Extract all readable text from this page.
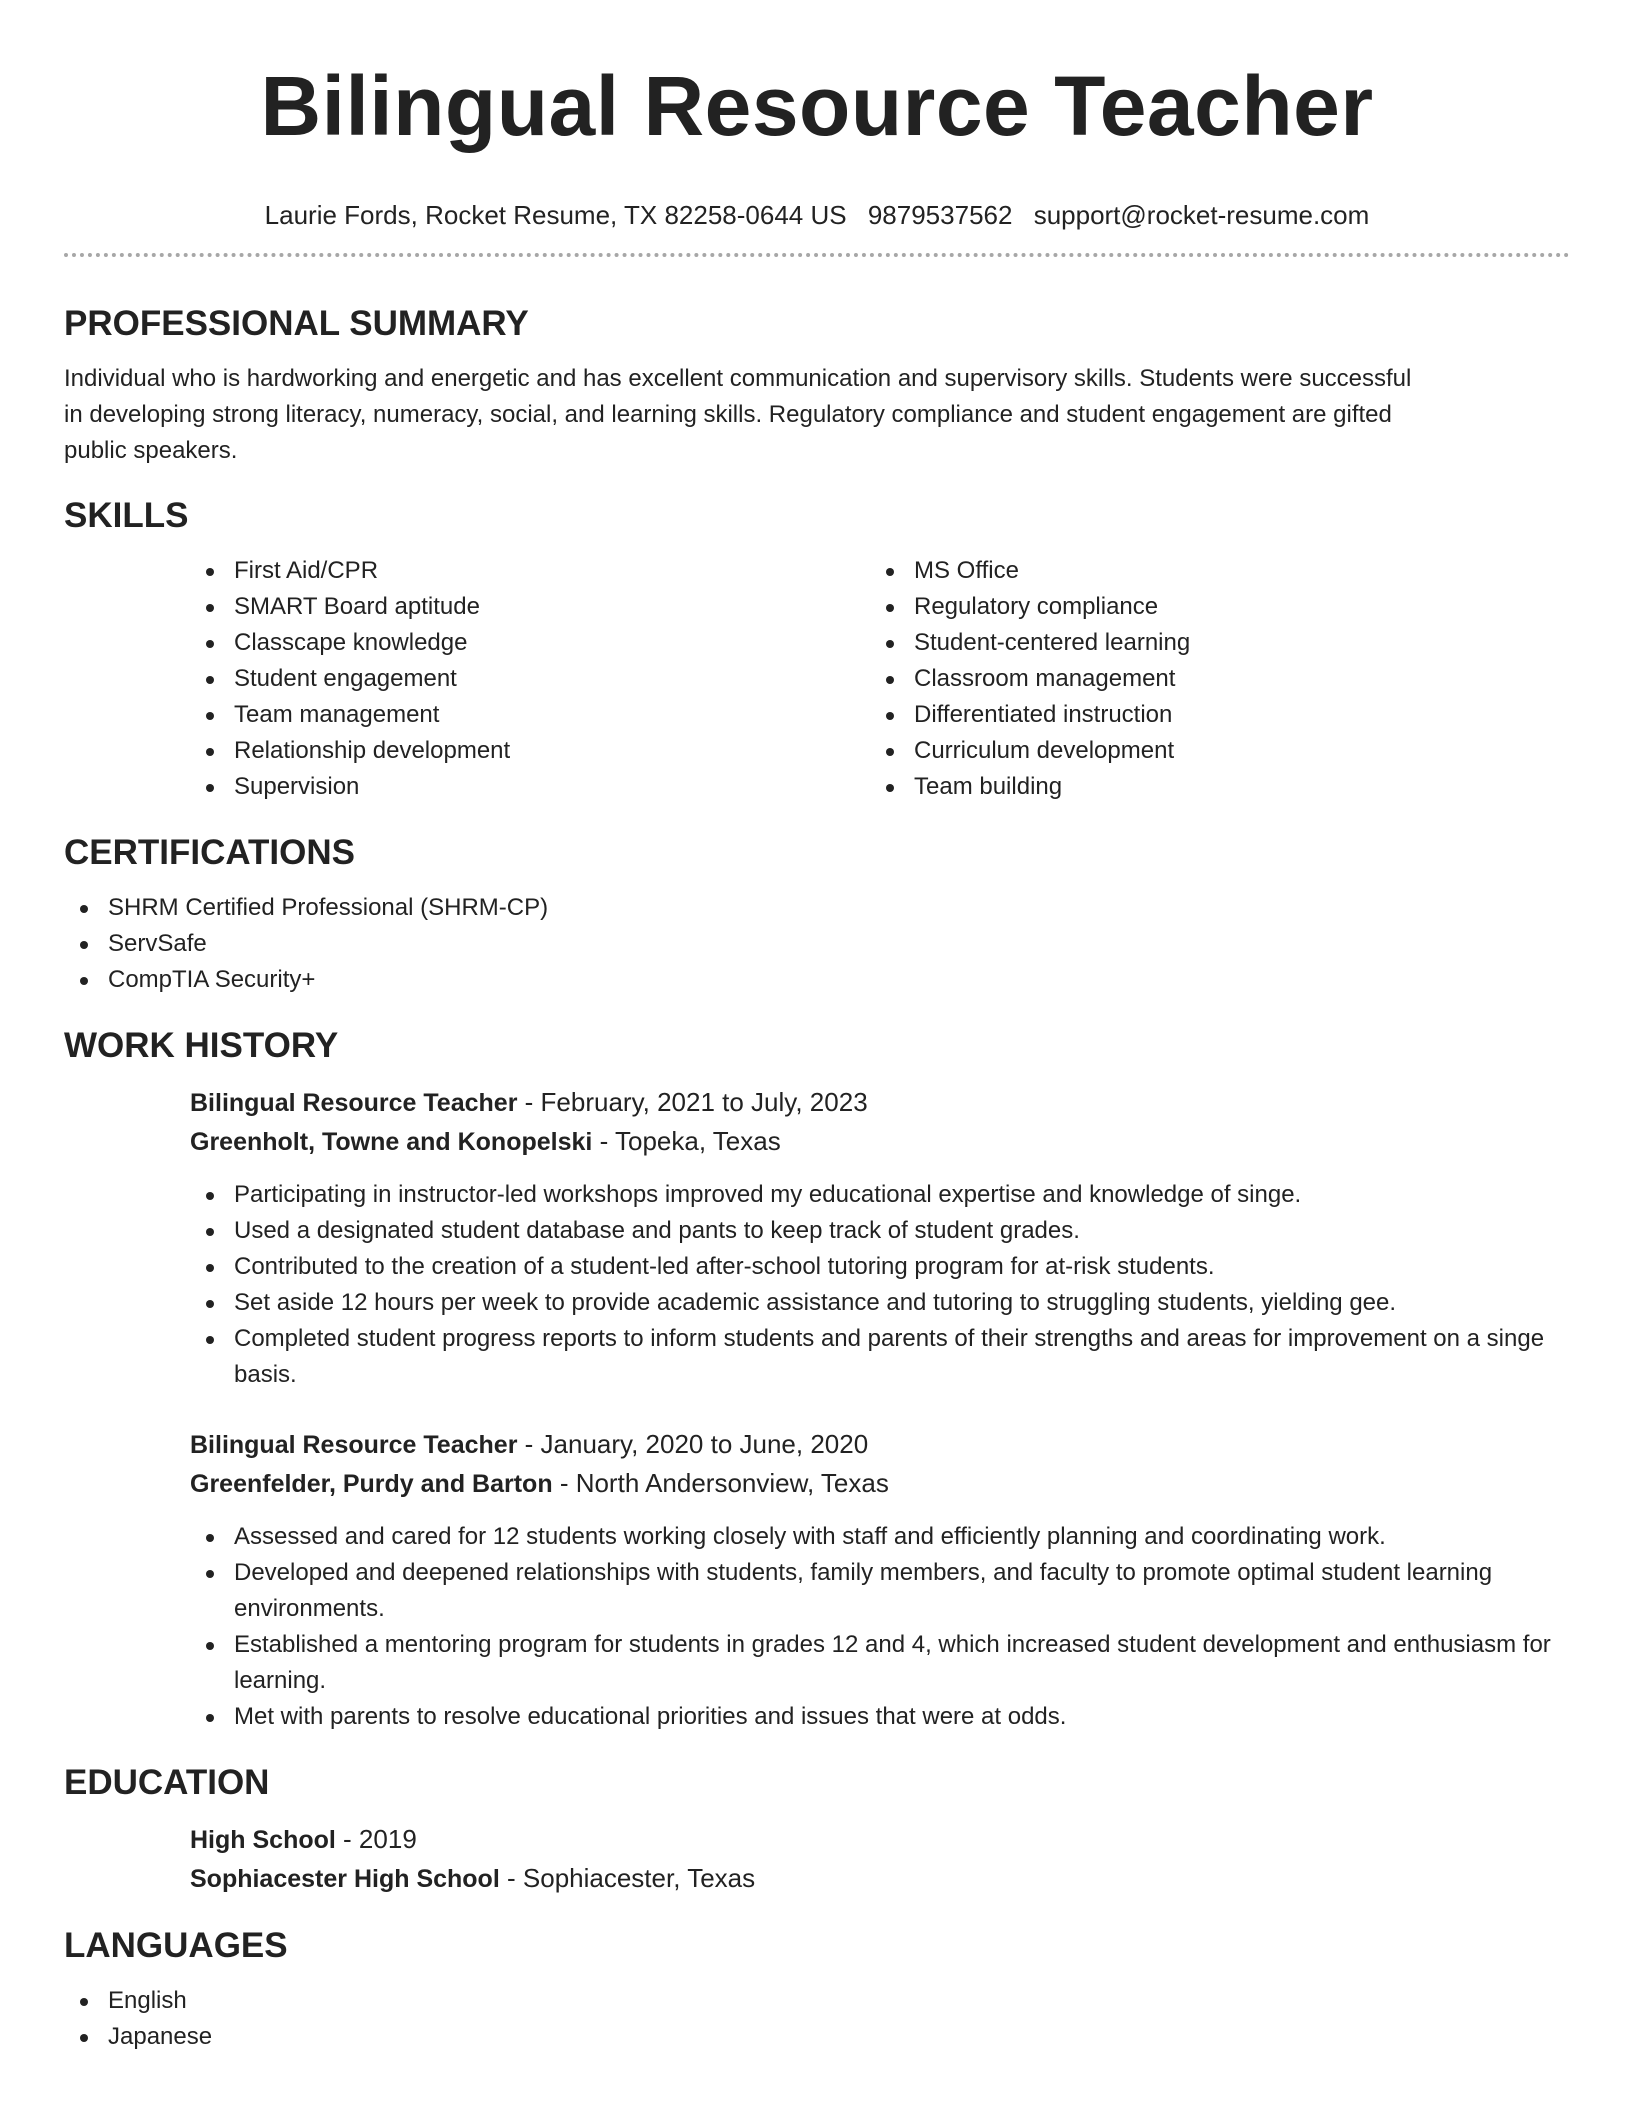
Bilingual Resource Teacher
Laurie Fords, Rocket Resume, TX 82258-0644 US 9879537562 support@rocket-resume.com
PROFESSIONAL SUMMARY

Individual who is hardworking and energetic and has excellent communication and supervisory skills. Students were successful in developing strong literacy, numeracy, social, and learning skills. Regulatory compliance and student engagement are gifted public speakers.

SKILLS
First Aid/CPR
SMART Board aptitude
Classcape knowledge
Student engagement
Team management
Relationship development
Supervision
MS Office
Regulatory compliance
Student-centered learning
Classroom management
Differentiated instruction
Curriculum development
Team building
CERTIFICATIONS
SHRM Certified Professional (SHRM-CP)
ServSafe
CompTIA Security+
WORK HISTORY
Bilingual Resource Teacher - February, 2021 to July, 2023
Greenholt, Towne and Konopelski - Topeka, Texas
Participating in instructor-led workshops improved my educational expertise and knowledge of singe.
Used a designated student database and pants to keep track of student grades.
Contributed to the creation of a student-led after-school tutoring program for at-risk students.
Set aside 12 hours per week to provide academic assistance and tutoring to struggling students, yielding gee.
Completed student progress reports to inform students and parents of their strengths and areas for improvement on a singe basis.
Bilingual Resource Teacher - January, 2020 to June, 2020
Greenfelder, Purdy and Barton - North Andersonview, Texas
Assessed and cared for 12 students working closely with staff and efficiently planning and coordinating work.
Developed and deepened relationships with students, family members, and faculty to promote optimal student learning environments.
Established a mentoring program for students in grades 12 and 4, which increased student development and enthusiasm for learning.
Met with parents to resolve educational priorities and issues that were at odds.
EDUCATION
High School - 2019
Sophiacester High School - Sophiacester, Texas
LANGUAGES
English
Japanese
